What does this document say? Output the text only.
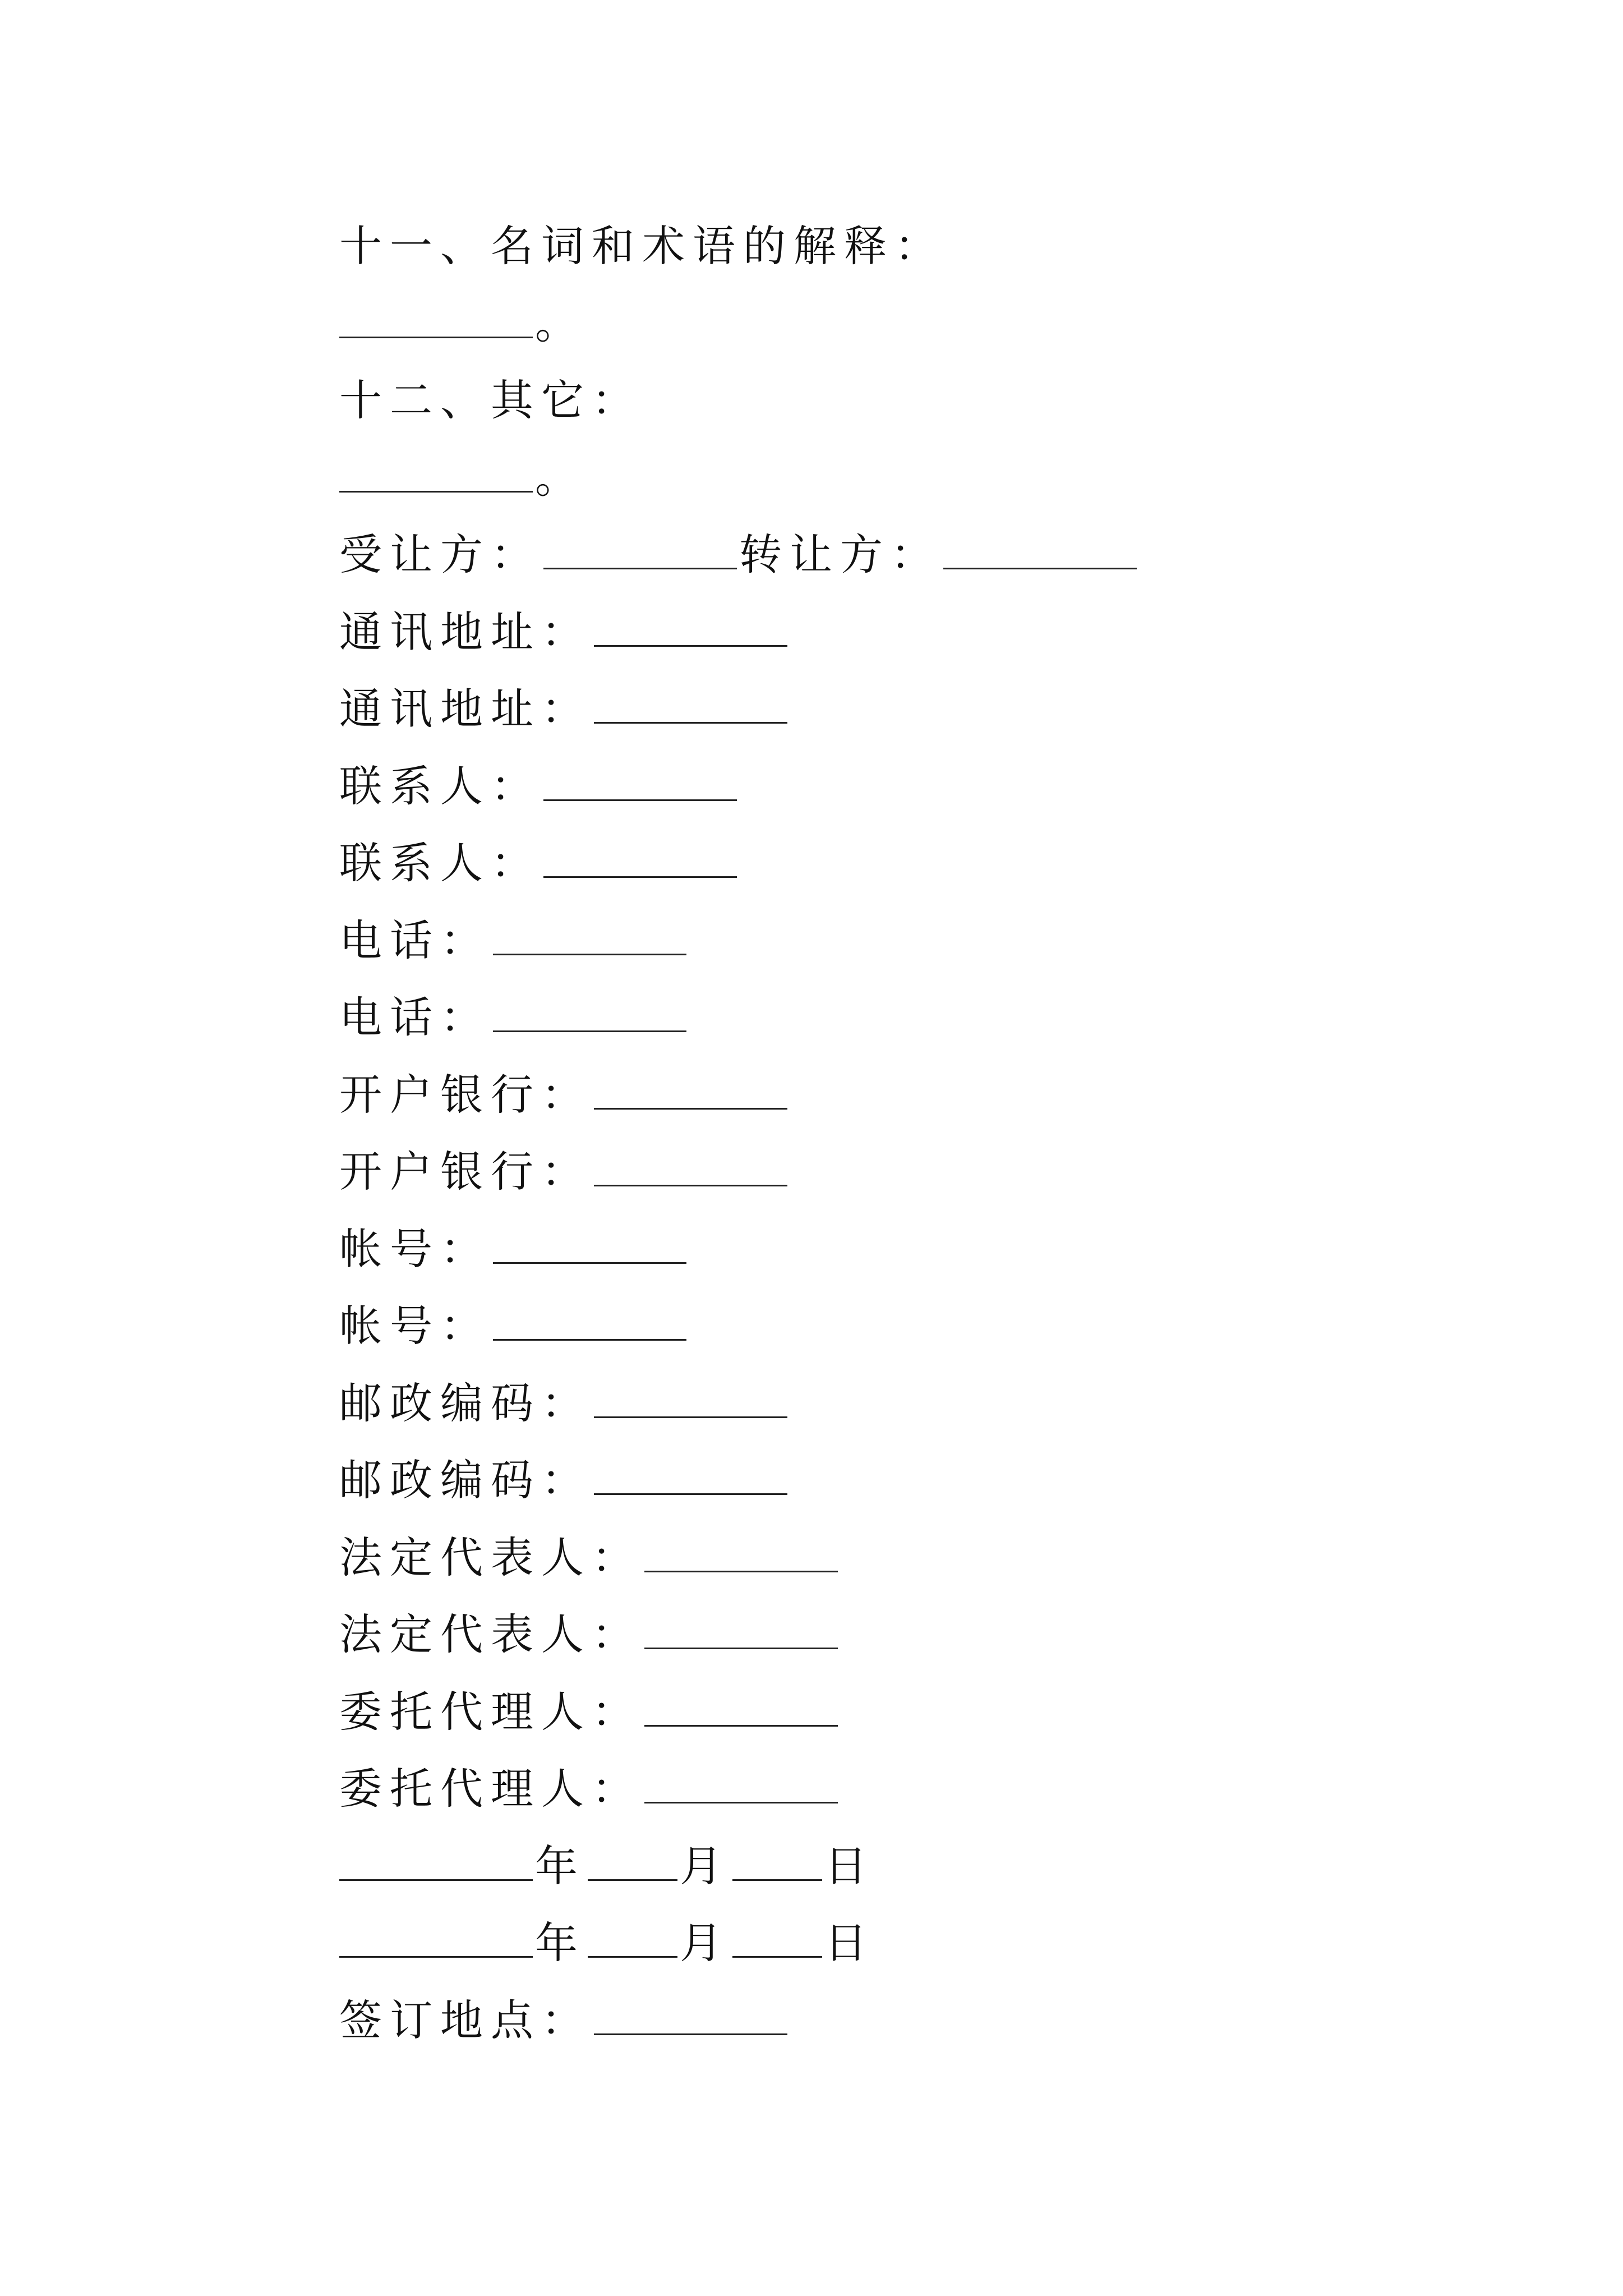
十一、名词和术语的解释：
。
十二、其它：
。
受让方：	转让方：
通讯地址：
通讯地址：
联系人：
联系人：
电话：
电话：
开户银行：
开户银行：
帐号：
帐号：
邮政编码：
邮政编码：
法定代表人：
法定代表人：
委托代理人：
委托代理人：
年 月 日
年 月 日
签订地点：
